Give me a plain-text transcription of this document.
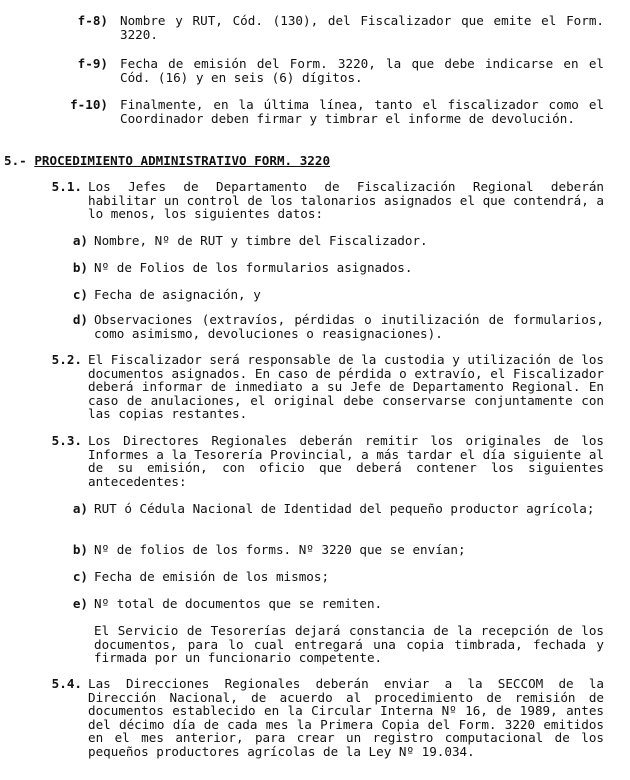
f-8) Nombre y RUT, Cód. (130), del Fiscalizador que emite el Form. 3220.
f-9) Fecha de emisión del Form. 3220, la que debe indicarse en el Cód. (16) y en seis (6) dígitos.
f-10) Finalmente, en la última línea, tanto el fiscalizador como el Coordinador deben firmar y timbrar el informe de devolución.
5.- PROCEDIMIENTO ADMINISTRATIVO FORM. 3220
5.1. Los Jefes de Departamento de Fiscalización Regional deberán habilitar un control de los talonarios asignados el que contendrá, a lo menos, los siguientes datos:
a) Nombre, Nº de RUT y timbre del Fiscalizador.
b) Nº de Folios de los formularios asignados.
c) Fecha de asignación, y
d) Observaciones (extravíos, pérdidas o inutilización de formularios, como asimismo, devoluciones o reasignaciones).
5.2. El Fiscalizador será responsable de la custodia y utilización de los documentos asignados. En caso de pérdida o extravío, el Fiscalizador deberá informar de inmediato a su Jefe de Departamento Regional. En caso de anulaciones, el original debe conservarse conjuntamente con las copias restantes.
5.3. Los Directores Regionales deberán remitir los originales de los Informes a la Tesorería Provincial, a más tardar el día siguiente al de su emisión, con oficio que deberá contener los siguientes antecedentes:
a) RUT ó Cédula Nacional de Identidad del pequeño productor agrícola;
b) Nº de folios de los forms. Nº 3220 que se envían;
c) Fecha de emisión de los mismos;
e) Nº total de documentos que se remiten.
El Servicio de Tesorerías dejará constancia de la recepción de los documentos, para lo cual entregará una copia timbrada, fechada y firmada por un funcionario competente.
5.4. Las Direcciones Regionales deberán enviar a la SECCOM de la Dirección Nacional, de acuerdo al procedimiento de remisión de documentos establecido en la Circular Interna Nº 16, de 1989, antes del décimo día de cada mes la Primera Copia del Form. 3220 emitidos en el mes anterior, para crear un registro computacional de los pequeños productores agrícolas de la Ley Nº 19.034.
